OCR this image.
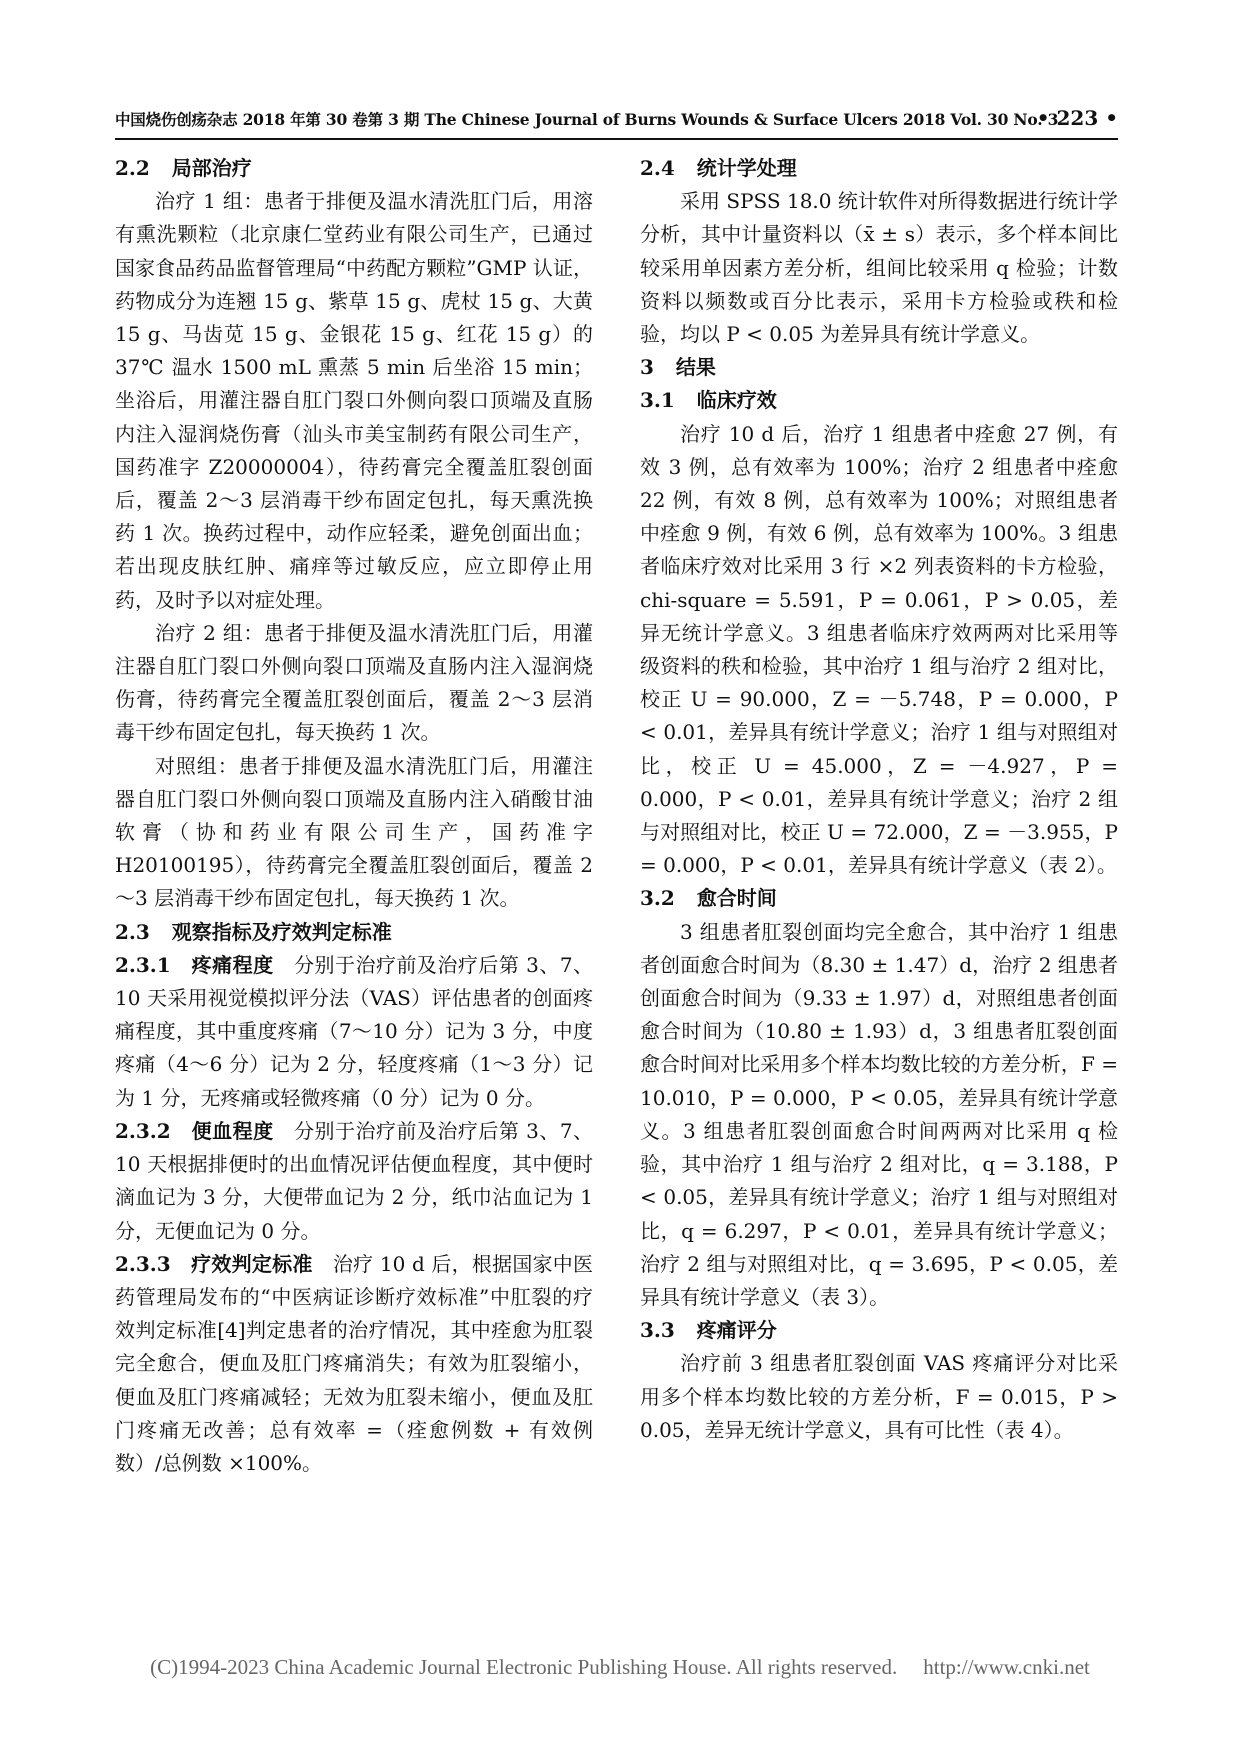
中国烧伤创疡杂志 2018 年第 30 卷第 3 期 The Chinese Journal of Burns Wounds & Surface Ulcers 2018 Vol. 30 No. 3
• 223 •

2.2 局部治疗

治疗 1 组：患者于排便及温水清洗肛门后，用溶有熏洗颗粒（北京康仁堂药业有限公司生产，已通过国家食品药品监督管理局“中药配方颗粒”GMP 认证，药物成分为连翘 15 g、紫草 15 g、虎杖 15 g、大黄 15 g、马齿苋 15 g、金银花 15 g、红花 15 g）的 37℃ 温水 1500 mL 熏蒸 5 min 后坐浴 15 min；坐浴后，用灌注器自肛门裂口外侧向裂口顶端及直肠内注入湿润烧伤膏（汕头市美宝制药有限公司生产，国药准字 Z20000004），待药膏完全覆盖肛裂创面后，覆盖 2～3 层消毒干纱布固定包扎，每天熏洗换药 1 次。换药过程中，动作应轻柔，避免创面出血；若出现皮肤红肿、痛痒等过敏反应，应立即停止用药，及时予以对症处理。

治疗 2 组：患者于排便及温水清洗肛门后，用灌注器自肛门裂口外侧向裂口顶端及直肠内注入湿润烧伤膏，待药膏完全覆盖肛裂创面后，覆盖 2～3 层消毒干纱布固定包扎，每天换药 1 次。

对照组：患者于排便及温水清洗肛门后，用灌注器自肛门裂口外侧向裂口顶端及直肠内注入硝酸甘油软膏（协和药业有限公司生产，国药准字 H20100195），待药膏完全覆盖肛裂创面后，覆盖 2～3 层消毒干纱布固定包扎，每天换药 1 次。

2.3 观察指标及疗效判定标准

2.3.1　 疼痛程度　 分别于治疗前及治疗后第 3、7、10 天采用视觉模拟评分法（VAS）评估患者的创面疼痛程度，其中重度疼痛（7～10 分）记为 3 分，中度疼痛（4～6 分）记为 2 分，轻度疼痛（1～3 分）记为 1 分，无疼痛或轻微疼痛（0 分）记为 0 分。

2.3.2　 便血程度　 分别于治疗前及治疗后第 3、7、10 天根据排便时的出血情况评估便血程度，其中便时滴血记为 3 分，大便带血记为 2 分，纸巾沾血记为 1 分，无便血记为 0 分。

2.3.3　 疗效判定标准　 治疗 10 d 后，根据国家中医药管理局发布的“中医病证诊断疗效标准”中肛裂的疗效判定标准[4]判定患者的治疗情况，其中痊愈为肛裂完全愈合，便血及肛门疼痛消失；有效为肛裂缩小，便血及肛门疼痛减轻；无效为肛裂未缩小，便血及肛门疼痛无改善；总有效率 =（痊愈例数 + 有效例数）/总例数 ×100%。

2.4 统计学处理

采用 SPSS 18.0 统计软件对所得数据进行统计学分析，其中计量资料以（x̄ ± s）表示，多个样本间比较采用单因素方差分析，组间比较采用 q 检验；计数资料以频数或百分比表示，采用卡方检验或秩和检验，均以 P < 0.05 为差异具有统计学意义。

3 结果

3.1 临床疗效

治疗 10 d 后，治疗 1 组患者中痊愈 27 例，有效 3 例，总有效率为 100%；治疗 2 组患者中痊愈 22 例，有效 8 例，总有效率为 100%；对照组患者中痊愈 9 例，有效 6 例，总有效率为 100%。3 组患者临床疗效对比采用 3 行 ×2 列表资料的卡方检验，chi-square = 5.591，P = 0.061，P > 0.05，差异无统计学意义。3 组患者临床疗效两两对比采用等级资料的秩和检验，其中治疗 1 组与治疗 2 组对比，校正 U = 90.000，Z = －5.748，P = 0.000，P < 0.01，差异具有统计学意义；治疗 1 组与对照组对比，校正 U = 45.000，Z = －4.927，P = 0.000，P < 0.01，差异具有统计学意义；治疗 2 组与对照组对比，校正 U = 72.000，Z = －3.955，P = 0.000，P < 0.01，差异具有统计学意义（表 2）。

3.2 愈合时间

3 组患者肛裂创面均完全愈合，其中治疗 1 组患者创面愈合时间为（8.30 ± 1.47）d，治疗 2 组患者创面愈合时间为（9.33 ± 1.97）d，对照组患者创面愈合时间为（10.80 ± 1.93）d，3 组患者肛裂创面愈合时间对比采用多个样本均数比较的方差分析，F = 10.010，P = 0.000，P < 0.05，差异具有统计学意义。3 组患者肛裂创面愈合时间两两对比采用 q 检验，其中治疗 1 组与治疗 2 组对比，q = 3.188，P < 0.05，差异具有统计学意义；治疗 1 组与对照组对比，q = 6.297，P < 0.01，差异具有统计学意义；治疗 2 组与对照组对比，q = 3.695，P < 0.05，差异具有统计学意义（表 3）。

3.3 疼痛评分

治疗前 3 组患者肛裂创面 VAS 疼痛评分对比采用多个样本均数比较的方差分析，F = 0.015，P > 0.05，差异无统计学意义，具有可比性（表 4）。

(C)1994-2023 China Academic Journal Electronic Publishing House. All rights reserved. http://www.cnki.net
